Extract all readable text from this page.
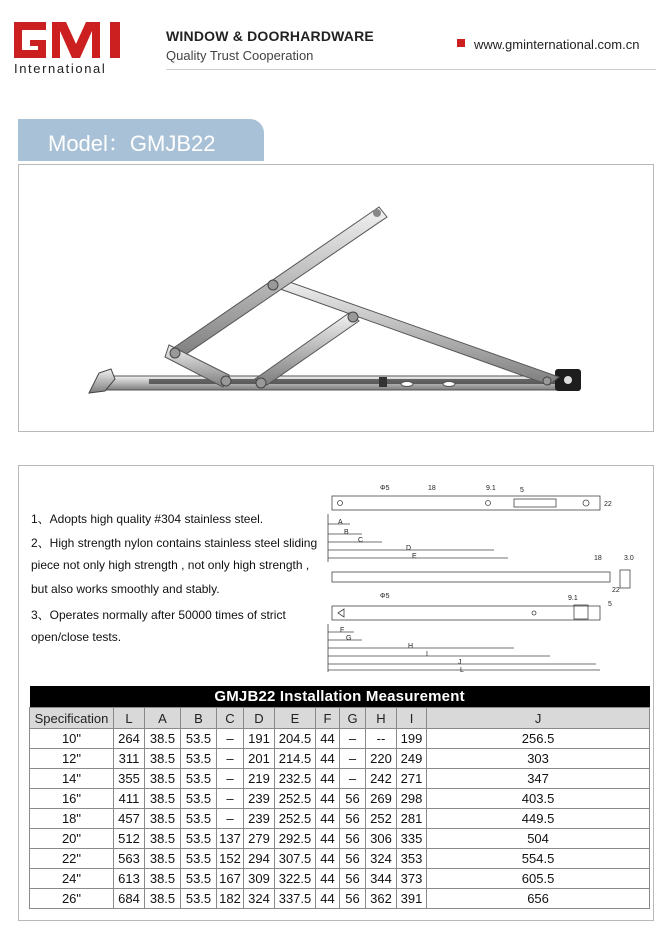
International
WINDOW & DOORHARDWARE
Quality Trust Cooperation
www.gminternational.com.cn
Model：GMJB22
1、Adopts high quality #304 stainless steel.
2、High strength nylon contains stainless steel sliding
piece not only high strength , not only high strength ,
but also works smoothly and stably.
3、Operates normally after 50000 times of strict
open/close tests.
Φ5	18	9.1	5
22
A
B
C
D
E	18	3.0
22
9.1
5
Φ5
F
G
H
I
J
L
GMJB22 Installation Measurement											
Specification	L	A	B	C	D	E	F	G	H	I	J
10"	264	38.5	53.5	–	191	204.5	44	–	--	199	256.5
12"	311	38.5	53.5	–	201	214.5	44	–	220	249	303
14"	355	38.5	53.5	–	219	232.5	44	–	242	271	347
16"	411	38.5	53.5	–	239	252.5	44	56	269	298	403.5
18"	457	38.5	53.5	–	239	252.5	44	56	252	281	449.5
20"	512	38.5	53.5	137	279	292.5	44	56	306	335	504
22"	563	38.5	53.5	152	294	307.5	44	56	324	353	554.5
24"	613	38.5	53.5	167	309	322.5	44	56	344	373	605.5
26"	684	38.5	53.5	182	324	337.5	44	56	362	391	656
